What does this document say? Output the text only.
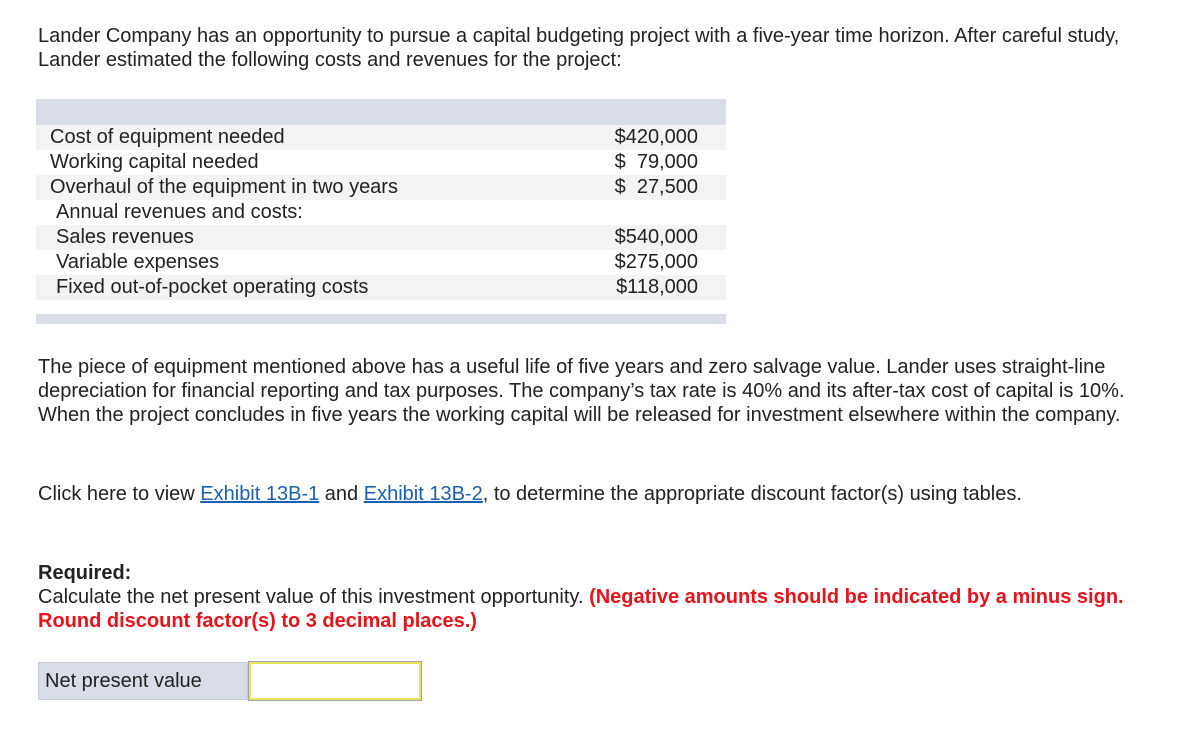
Lander Company has an opportunity to pursue a capital budgeting project with a five-year time horizon. After careful study, Lander estimated the following costs and revenues for the project:

Cost of equipment needed	$420,000
Working capital needed	$  79,000
Overhaul of the equipment in two years	$  27,500
Annual revenues and costs:	
Sales revenues	$540,000
Variable expenses	$275,000
Fixed out-of-pocket operating costs	$118,000

The piece of equipment mentioned above has a useful life of five years and zero salvage value. Lander uses straight-line depreciation for financial reporting and tax purposes. The company’s tax rate is 40% and its after-tax cost of capital is 10%. When the project concludes in five years the working capital will be released for investment elsewhere within the company.

Click here to view Exhibit 13B-1 and Exhibit 13B-2, to determine the appropriate discount factor(s) using tables.

Required:
Calculate the net present value of this investment opportunity. (Negative amounts should be indicated by a minus sign. Round discount factor(s) to 3 decimal places.)

Net present value
